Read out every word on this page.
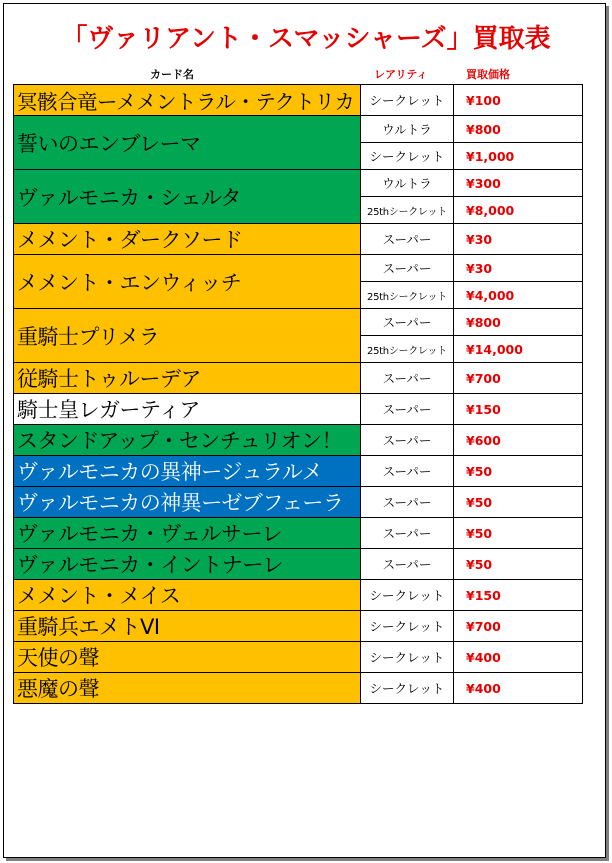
「ヴァリアント・スマッシャーズ」買取表
カード名	レアリティ	買取価格
冥骸合竜ーメメントラル・テクトリカ	シークレット	¥100
誓いのエンブレーマ	ウルトラ	¥800
	シークレット	¥1,000
ヴァルモニカ・シェルタ	ウルトラ	¥300
	25thシークレット	¥8,000
メメント・ダークソード	スーパー	¥30
メメント・エンウィッチ	スーパー	¥30
	25thシークレット	¥4,000
重騎士プリメラ	スーパー	¥800
	25thシークレット	¥14,000
従騎士トゥルーデア	スーパー	¥700
騎士皇レガーティア	スーパー	¥150
スタンドアップ・センチュリオン！	スーパー	¥600
ヴァルモニカの異神ージュラルメ	スーパー	¥50
ヴァルモニカの神異ーゼブフェーラ	スーパー	¥50
ヴァルモニカ・ヴェルサーレ	スーパー	¥50
ヴァルモニカ・イントナーレ	スーパー	¥50
メメント・メイス	シークレット	¥150
重騎兵エメトVI	シークレット	¥700
天使の聲	シークレット	¥400
悪魔の聲	シークレット	¥400
